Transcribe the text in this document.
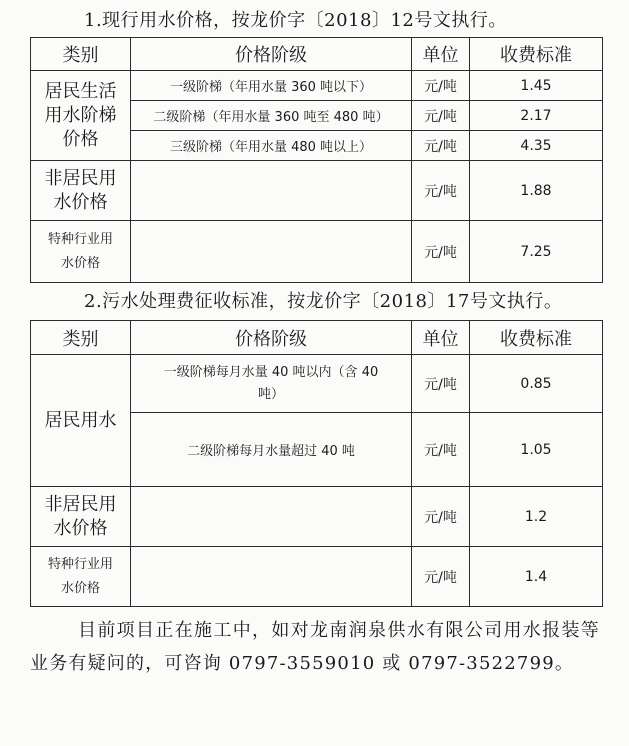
1.现行用水价格，按龙价字〔2018〕12号文执行。
类别	价格阶级	单位	收费标准

居民生活
用水阶梯
价格	一级阶梯（年用水量 360 吨以下）	元/吨	1.45
	二级阶梯（年用水量 360 吨至 480 吨）	元/吨	2.17
	三级阶梯（年用水量 480 吨以上）	元/吨	4.35

非居民用
水价格		元/吨	1.88

特种行业用
水价格		元/吨	7.25
2.污水处理费征收标准，按龙价字〔2018〕17号文执行。
类别	价格阶级	单位	收费标准
居民用水	一级阶梯每月水量 40 吨以内（含 40
吨）	元/吨	0.85
	二级阶梯每月水量超过 40 吨	元/吨	1.05

非居民用
水价格		元/吨	1.2

特种行业用
水价格		元/吨	1.4
目前项目正在施工中，如对龙南润泉供水有限公司用水报装等业务有疑问的，可咨询 0797-3559010 或 0797-3522799。
